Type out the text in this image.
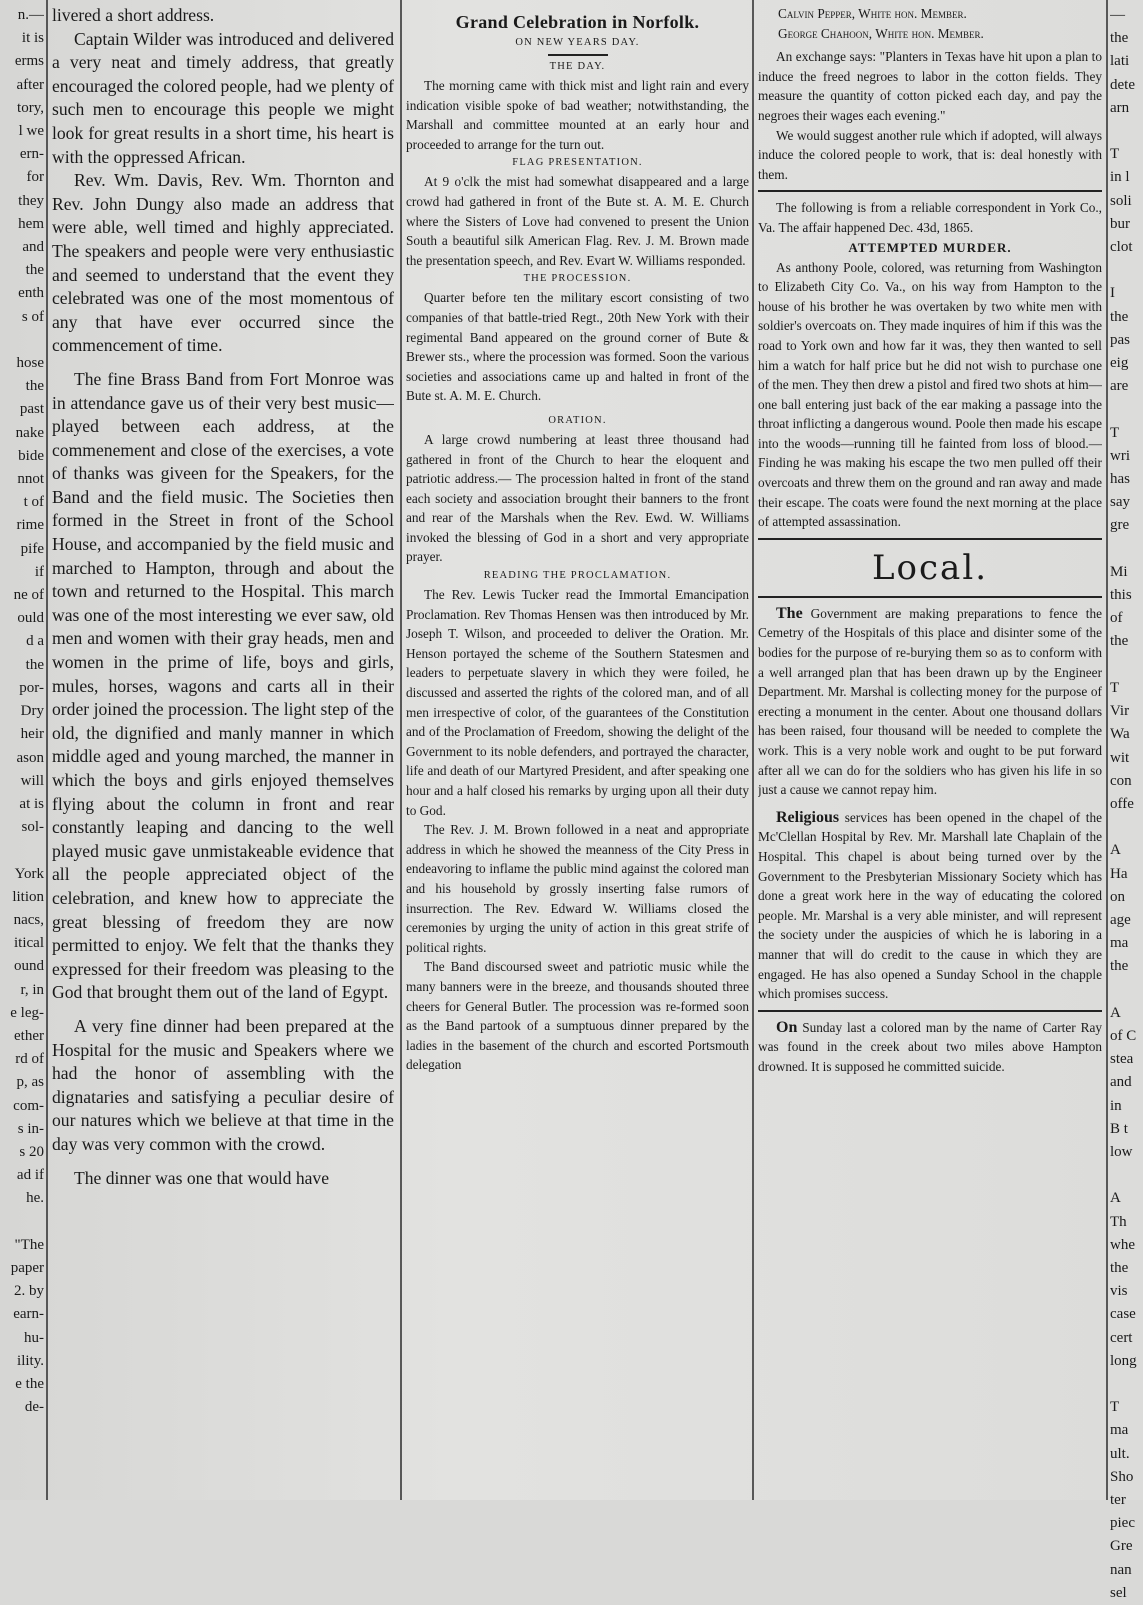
n.—
it is
erms
after
tory,
l we
ern-
for
they
hem
and
the
enth
s of

hose
the
past
nake
bide
nnot
t of
rime
pife
if
ne of
ould
d a
the
por-
Dry
heir
ason
will
at is
sol-

York
lition
nacs,
itical
ound
r, in
e leg-
ether
rd of
p, as
com-
s in-
s 20
ad if
he.

"The
paper
2. by
earn-
hu-
ility.
e the
de-

livered a short address.

Captain Wilder was introduced and delivered a very neat and timely address, that greatly encouraged the colored people, had we plenty of such men to encourage this people we might look for great results in a short time, his heart is with the oppressed African.

Rev. Wm. Davis, Rev. Wm. Thornton and Rev. John Dungy also made an address that were able, well timed and highly appreciated. The speakers and people were very enthusiastic and seemed to understand that the event they celebrated was one of the most momentous of any that have ever occurred since the commencement of time.

The fine Brass Band from Fort Monroe was in attendance gave us of their very best music—played between each address, at the commenement and close of the exercises, a vote of thanks was giveen for the Speakers, for the Band and the field music. The Societies then formed in the Street in front of the School House, and accompanied by the field music and marched to Hampton, through and about the town and returned to the Hospital. This march was one of the most interesting we ever saw, old men and women with their gray heads, men and women in the prime of life, boys and girls, mules, horses, wagons and carts all in their order joined the procession. The light step of the old, the dignified and manly manner in which middle aged and young marched, the manner in which the boys and girls enjoyed themselves flying about the column in front and rear constantly leaping and dancing to the well played music gave unmistakeable evidence that all the people appreciated object of the celebration, and knew how to appreciate the great blessing of freedom they are now permitted to enjoy. We felt that the thanks they expressed for their freedom was pleasing to the God that brought them out of the land of Egypt.

A very fine dinner had been prepared at the Hospital for the music and Speakers where we had the honor of assembling with the dignataries and satisfying a peculiar desire of our natures which we believe at that time in the day was very common with the crowd.

The dinner was one that would have

Grand Celebration in Norfolk.
ON NEW YEARS DAY.
THE DAY.

The morning came with thick mist and light rain and every indication visible spoke of bad weather; notwithstanding, the Marshall and committee mounted at an early hour and proceeded to arrange for the turn out.

FLAG PRESENTATION.

At 9 o'clk the mist had somewhat disappeared and a large crowd had gathered in front of the Bute st. A. M. E. Church where the Sisters of Love had convened to present the Union South a beautiful silk American Flag. Rev. J. M. Brown made the presentation speech, and Rev. Evart W. Williams responded.

THE PROCESSION.

Quarter before ten the military escort consisting of two companies of that battle-tried Regt., 20th New York with their regimental Band appeared on the ground corner of Bute & Brewer sts., where the procession was formed. Soon the various societies and associations came up and halted in front of the Bute st. A. M. E. Church.

ORATION.

A large crowd numbering at least three thousand had gathered in front of the Church to hear the eloquent and patriotic address.— The procession halted in front of the stand each society and association brought their banners to the front and rear of the Marshals when the Rev. Ewd. W. Williams invoked the blessing of God in a short and very appropriate prayer.

READING THE PROCLAMATION.

The Rev. Lewis Tucker read the Immortal Emancipation Proclamation. Rev Thomas Hensen was then introduced by Mr. Joseph T. Wilson, and proceeded to deliver the Oration. Mr. Henson portayed the scheme of the Southern Statesmen and leaders to perpetuate slavery in which they were foiled, he discussed and asserted the rights of the colored man, and of all men irrespective of color, of the guarantees of the Constitution and of the Proclamation of Freedom, showing the delight of the Government to its noble defenders, and portrayed the character, life and death of our Martyred President, and after speaking one hour and a half closed his remarks by urging upon all their duty to God.

The Rev. J. M. Brown followed in a neat and appropriate address in which he showed the meanness of the City Press in endeavoring to inflame the public mind against the colored man and his household by grossly inserting false rumors of insurrection. The Rev. Edward W. Williams closed the ceremonies by urging the unity of action in this great strife of political rights.

The Band discoursed sweet and patriotic music while the many banners were in the breeze, and thousands shouted three cheers for General Butler. The procession was re-formed soon as the Band partook of a sumptuous dinner prepared by the ladies in the basement of the church and escorted Portsmouth delegation

Calvin Pepper, White hon. Member.

George Chahoon, White hon. Member.

An exchange says: "Planters in Texas have hit upon a plan to induce the freed negroes to labor in the cotton fields. They measure the quantity of cotton picked each day, and pay the negroes their wages each evening."

We would suggest another rule which if adopted, will always induce the colored people to work, that is: deal honestly with them.

The following is from a reliable correspondent in York Co., Va. The affair happened Dec. 43d, 1865.

ATTEMPTED MURDER.

As anthony Poole, colored, was returning from Washington to Elizabeth City Co. Va., on his way from Hampton to the house of his brother he was overtaken by two white men with soldier's overcoats on. They made inquires of him if this was the road to York own and how far it was, they then wanted to sell him a watch for half price but he did not wish to purchase one of the men. They then drew a pistol and fired two shots at him—one ball entering just back of the ear making a passage into the throat inflicting a dangerous wound. Poole then made his escape into the woods—running till he fainted from loss of blood.— Finding he was making his escape the two men pulled off their overcoats and threw them on the ground and ran away and made their escape. The coats were found the next morning at the place of attempted assassination.

Local.

The Government are making preparations to fence the Cemetry of the Hospitals of this place and disinter some of the bodies for the purpose of re-burying them so as to conform with a well arranged plan that has been drawn up by the Engineer Department. Mr. Marshal is collecting money for the purpose of erecting a monument in the center. About one thousand dollars has been raised, four thousand will be needed to complete the work. This is a very noble work and ought to be put forward after all we can do for the soldiers who has given his life in so just a cause we cannot repay him.

Religious services has been opened in the chapel of the Mc'Clellan Hospital by Rev. Mr. Marshall late Chaplain of the Hospital. This chapel is about being turned over by the Government to the Presbyterian Missionary Society which has done a great work here in the way of educating the colored people. Mr. Marshal is a very able minister, and will represent the society under the auspicies of which he is laboring in a manner that will do credit to the cause in which they are engaged. He has also opened a Sunday School in the chapple which promises success.

On Sunday last a colored man by the name of Carter Ray was found in the creek about two miles above Hampton drowned. It is supposed he committed suicide.

—
the
lati
dete
arn

T
in l
soli
bur
clot

I
the
pas
eig
are

T
wri
has
say
gre

Mi
this
of
the

T
Vir
Wa
wit
con
offe

A
Ha
on
age
ma
the

A
of C
stea
and
in
B t
low

A
Th
whe
the
vis
case
cert
long

T
ma
ult.
Sho
ter
piec
Gre
nan
sel
